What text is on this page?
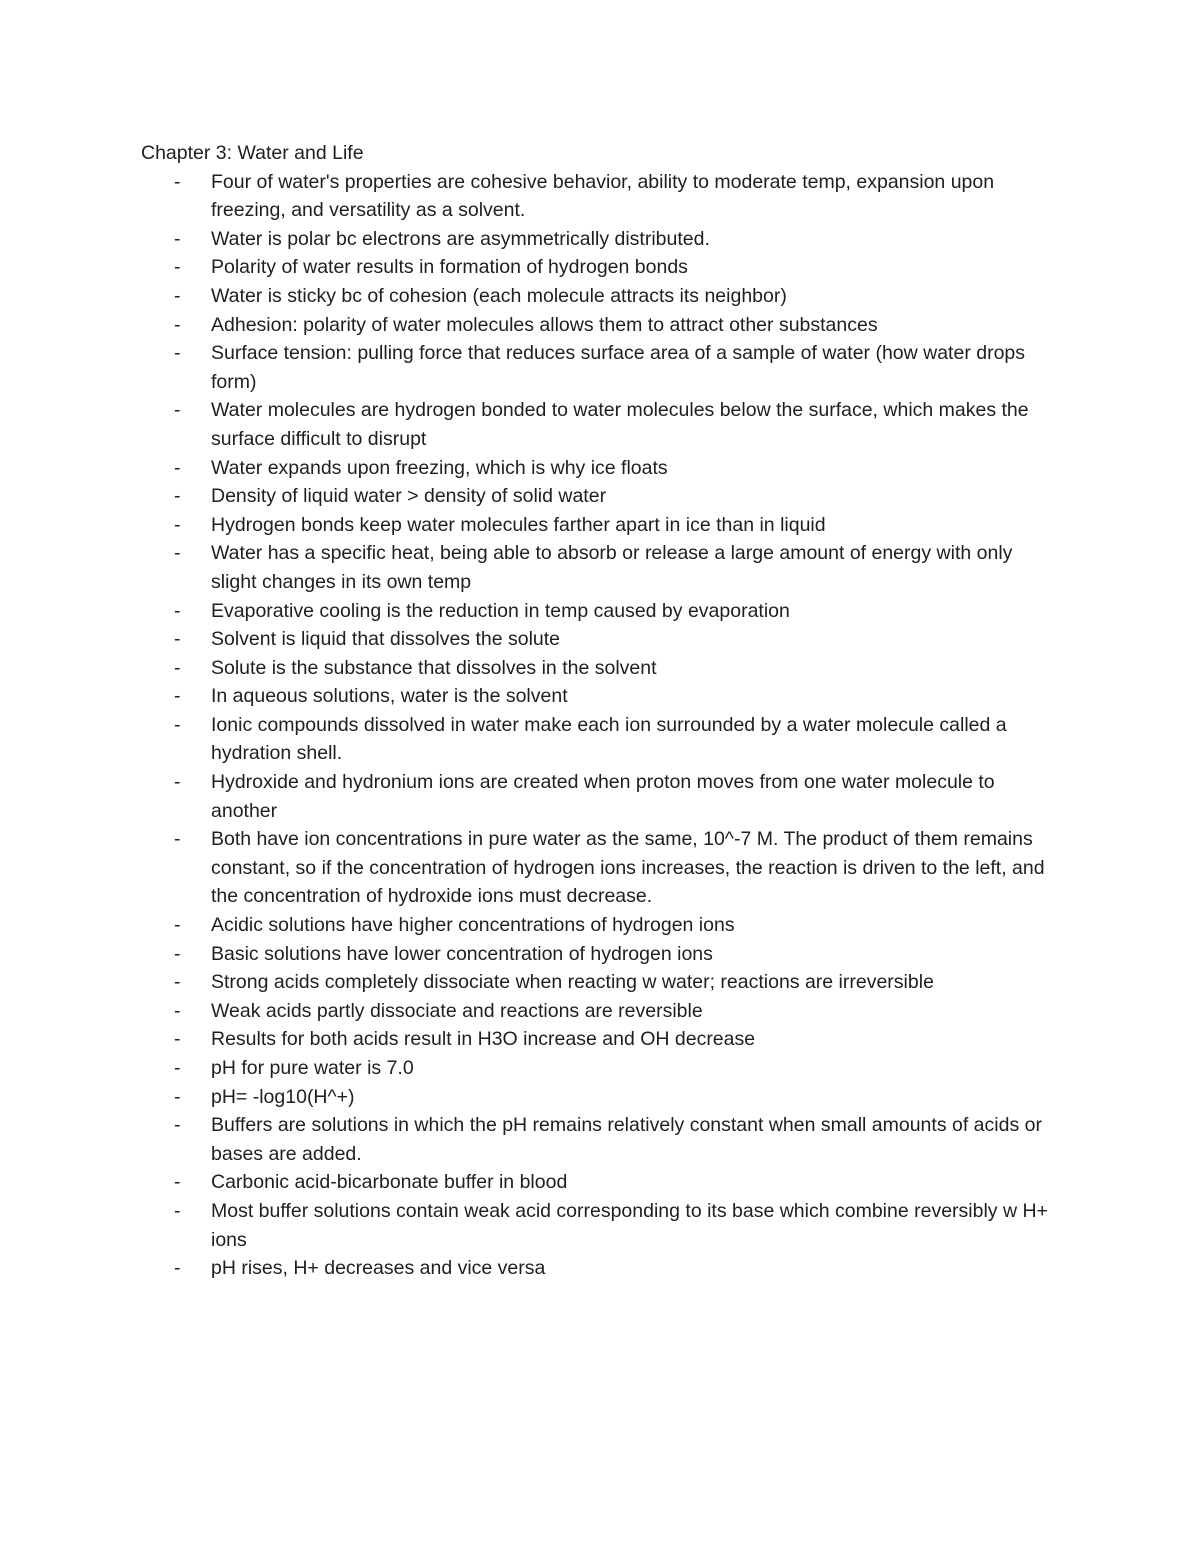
Chapter 3: Water and Life
- Four of water's properties are cohesive behavior, ability to moderate temp, expansion upon freezing, and versatility as a solvent.
- Water is polar bc electrons are asymmetrically distributed.
- Polarity of water results in formation of hydrogen bonds
- Water is sticky bc of cohesion (each molecule attracts its neighbor)
- Adhesion: polarity of water molecules allows them to attract other substances
- Surface tension: pulling force that reduces surface area of a sample of water (how water drops form)
- Water molecules are hydrogen bonded to water molecules below the surface, which makes the surface difficult to disrupt
- Water expands upon freezing, which is why ice floats
- Density of liquid water > density of solid water
- Hydrogen bonds keep water molecules farther apart in ice than in liquid
- Water has a specific heat, being able to absorb or release a large amount of energy with only slight changes in its own temp
- Evaporative cooling is the reduction in temp caused by evaporation
- Solvent is liquid that dissolves the solute
- Solute is the substance that dissolves in the solvent
- In aqueous solutions, water is the solvent
- Ionic compounds dissolved in water make each ion surrounded by a water molecule called a hydration shell.
- Hydroxide and hydronium ions are created when proton moves from one water molecule to another
- Both have ion concentrations in pure water as the same, 10^-7 M. The product of them remains constant, so if the concentration of hydrogen ions increases, the reaction is driven to the left, and the concentration of hydroxide ions must decrease.
- Acidic solutions have higher concentrations of hydrogen ions
- Basic solutions have lower concentration of hydrogen ions
- Strong acids completely dissociate when reacting w water; reactions are irreversible
- Weak acids partly dissociate and reactions are reversible
- Results for both acids result in H3O increase and OH decrease
- pH for pure water is 7.0
- pH= -log10(H^+)
- Buffers are solutions in which the pH remains relatively constant when small amounts of acids or bases are added.
- Carbonic acid-bicarbonate buffer in blood
- Most buffer solutions contain weak acid corresponding to its base which combine reversibly w H+ ions
- pH rises, H+ decreases and vice versa
